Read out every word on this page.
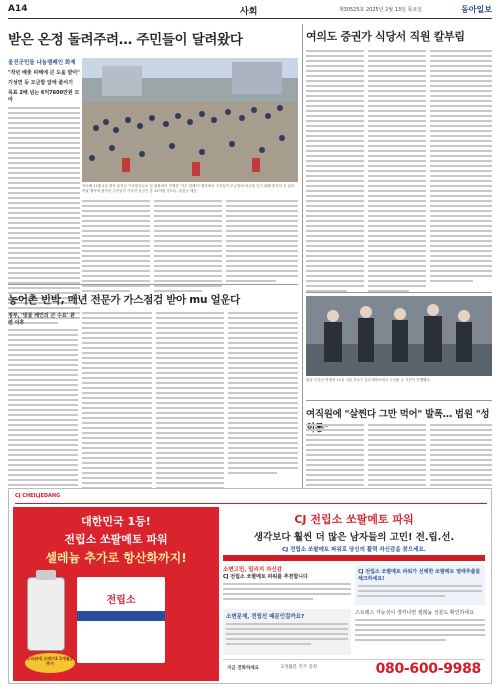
A14	사회	제30525호 2025년 2월 13일 목요일	동아일보
받은 온정 돌려주려… 주민들이 달려왔다
울진군민들 나눔캠페인 화제
"작년 배춧 피해에 큰 도움 받아"
기성면 등 모금함 앞에 줄서기
목표 2배 넘는 6억7600만원 모아
지난해 12월 5일 경북 울진군 기성면사무소 앞 광장에서 진행된 '기부 릴레이' 행사에서 주민들이 모금함에 성금을 넣기 위해 줄지어 서 있다. 이날 행사에 참가한 주민들이 기부한 성금은 총 12억원 정도다. 울진군 제공
여의도 증권가 식당서 직원 칼부림
원동 부산신 빙쟁정 12일 서울 종로구 흥무재장소에서 주인물 공 사진이 진행했다.
여직원에 "살찐다 그만 먹어" 발폭… 법원 "성
농어촌 빈박, 매년 전문가 가스점검 받아 mu 얼운다
정부, '빗물 레인의 큰 수요' 관련 이후
CJ CHEILJEDANG
대한민국 1등!
전립소 쏘팔메토 파워
셀레늄 추가로 항산화까지!
전립소
노파워에 오메가3 2개월분 추가
CJ 전립소 쏘팔메토 파워
생각보다 훨씬 더 많은 남자들의 고민! 전.립.선.
CJ 전립소 쏘팔메토 파워로 당신의 활력 자신감을 찾으세요.
소변고민, 밀리지 자신감
CJ 전립소 쏘팔메토 파워를 추천합니다
CJ 전립소 쏘팔메토 파워가 선택한 쏘팔메토 열매추출물 체크하세요!
소변문제, 전립선 때문인걸까요?
스트레스 가능성이 생각나면 셀레늄 성분도 확인하세요
지금 전화하세요	2개월분 추가 증정	080-600-9988
